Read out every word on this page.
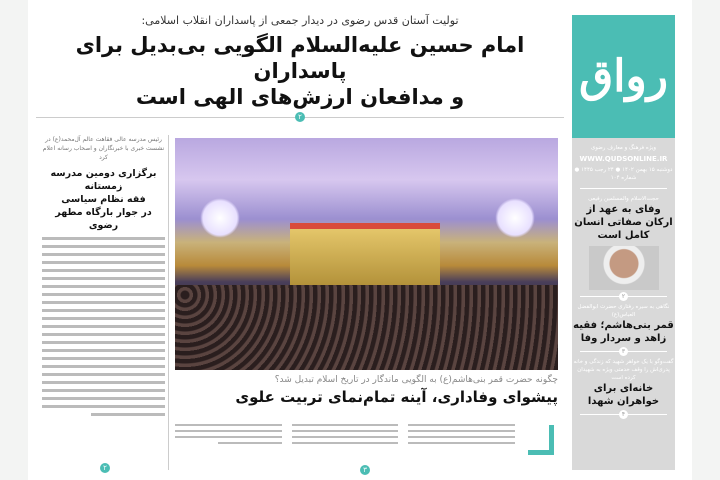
تولیت آستان قدس رضوی در دیدار جمعی از پاسداران انقلاب اسلامی:
امام حسین علیه‌السلام الگویی بی‌بدیل برای پاسداران
و مدافعان ارزش‌های الهی است
۲
رئیس مدرسه عالی فقاهت عالم آل‌محمد(ع) در نشست خبری با خبرنگاران و اصحاب رسانه اعلام کرد
برگزاری دومین مدرسه زمستانه
فقه نظام سیاسی
در جوار بارگاه مطهر رضوی
۲
چگونه حضرت قمر بنی‌هاشم(ع) به الگویی ماندگار در تاریخ اسلام تبدیل شد؟
پیشوای وفاداری، آینه تمام‌نمای تربیت علوی
۳
رواق
ویژه فرهنگ و معارف رضوی
WWW.QUDSONLINE.IR
دوشنبه ۱۵ بهمن ۱۴۰۲ ● ۲۴ رجب ۱۴۴۵ ● شماره ۱۰۴
حجت‌الاسلام والمسلمین رفیعی
وفای به عهد از ارکان صفاتی انسان کامل است
۲
نگاهی به سیره رفتاری حضرت ابوالفضل العباس(ع)
قمر بنی‌هاشم؛ فقیه زاهد و سردار وفا
۳
گفت‌وگو با یک خواهر شهید که زندگی و خانه پدری‌اش را وقف خدمتی ویژه به شهیدان کرده است
خانه‌ای برای خواهران شهدا
۴
